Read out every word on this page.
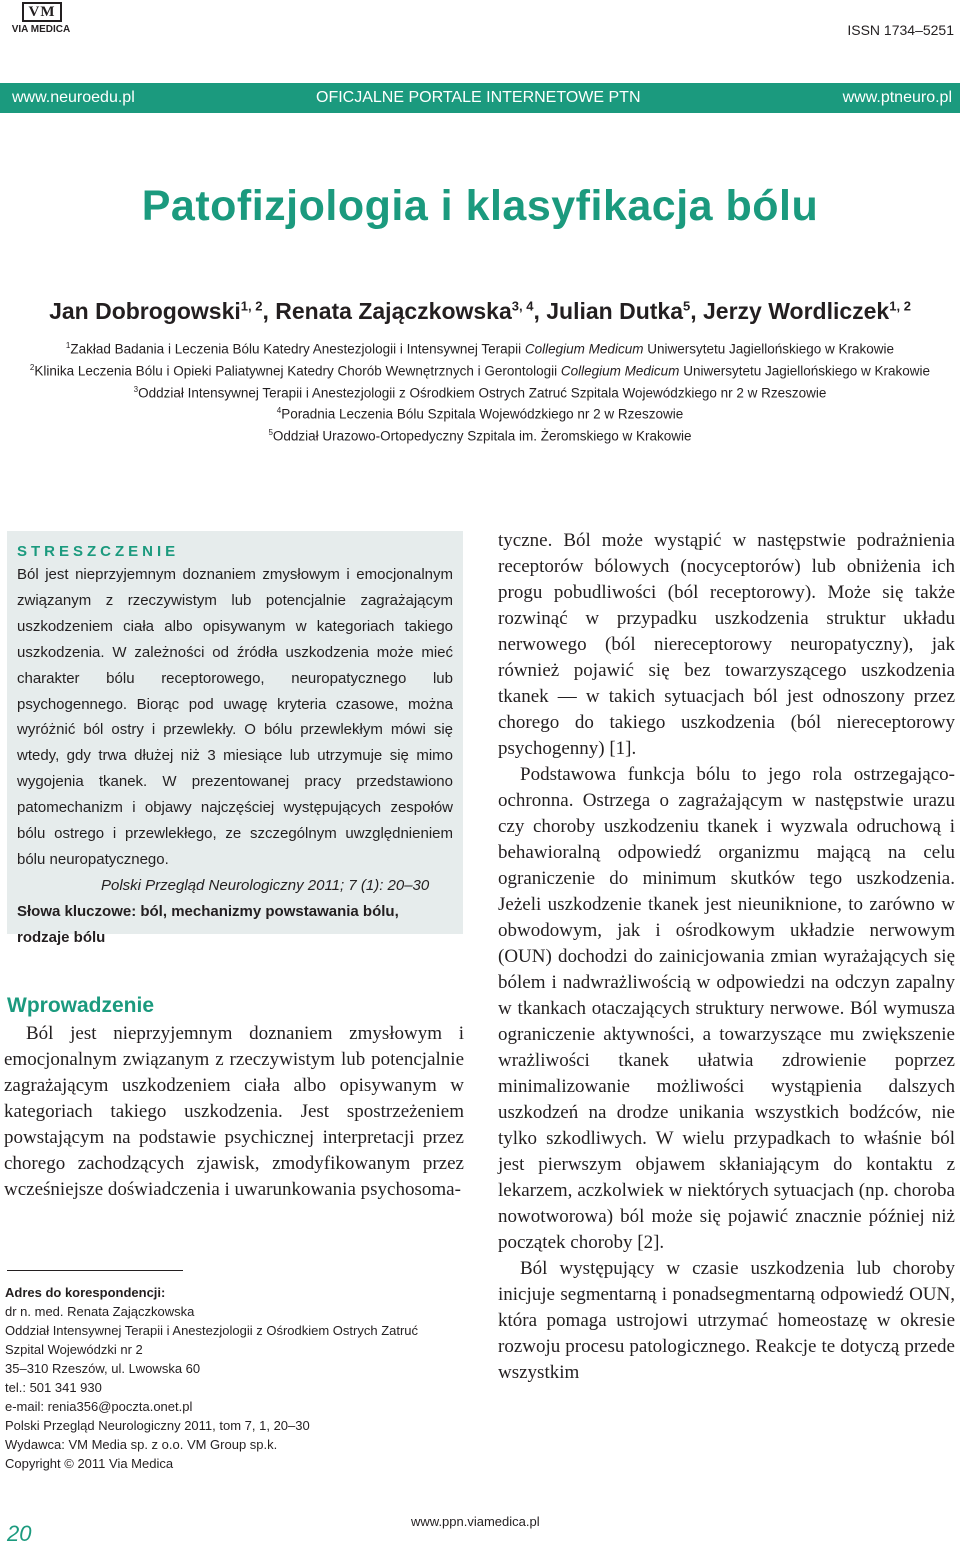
VM
VIA MEDICA	ISSN 1734–5251
www.neuroedu.pl	OFICJALNE PORTALE INTERNETOWE PTN	www.ptneuro.pl
Patofizjologia i klasyfikacja bólu
Jan Dobrogowski$^{1, 2}$, Renata Zajączkowska$^{3, 4}$, Julian Dutka$^5$, Jerzy Wordliczek$^{1, 2}$
$^1$Zakład Badania i Leczenia Bólu Katedry Anestezjologii i Intensywnej Terapii Collegium Medicum Uniwersytetu Jagiellońskiego w Krakowie
$^2$Klinika Leczenia Bólu i Opieki Paliatywnej Katedry Chorób Wewnętrznych i Gerontologii Collegium Medicum Uniwersytetu Jagiellońskiego w Krakowie
$^3$Oddział Intensywnej Terapii i Anestezjologii z Ośrodkiem Ostrych Zatruć Szpitala Wojewódzkiego nr 2 w Rzeszowie
$^4$Poradnia Leczenia Bólu Szpitala Wojewódzkiego nr 2 w Rzeszowie
$^5$Oddział Urazowo-Ortopedyczny Szpitala im. Żeromskiego w Krakowie
STRESZCZENIE
Ból jest nieprzyjemnym doznaniem zmysłowym i emocjonalnym związanym z rzeczywistym lub potencjalnie zagrażającym uszkodzeniem ciała albo opisywanym w kategoriach takiego uszkodzenia. W zależności od źródła uszkodzenia może mieć charakter bólu receptorowego, neuropatycznego lub psychogennego. Biorąc pod uwagę kryteria czasowe, można wyróżnić ból ostry i przewlekły. O bólu przewlekłym mówi się wtedy, gdy trwa dłużej niż 3 miesiące lub utrzymuje się mimo wygojenia tkanek. W prezentowanej pracy przedstawiono patomechanizm i objawy najczęściej występujących zespołów bólu ostrego i przewlekłego, ze szczególnym uwzględnieniem bólu neuropatycznego.
Polski Przegląd Neurologiczny 2011; 7 (1): 20–30
Słowa kluczowe: ból, mechanizmy powstawania bólu, rodzaje bólu
Wprowadzenie

Ból jest nieprzyjemnym doznaniem zmysłowym i emocjonalnym związanym z rzeczywistym lub potencjalnie zagrażającym uszkodzeniem ciała albo opisywanym w kategoriach takiego uszkodzenia. Jest spostrzeżeniem powstającym na podstawie psychicznej interpretacji przez chorego zachodzących zjawisk, zmodyfikowanym przez wcześniejsze doświadczenia i uwarunkowania psychosoma-

Adres do korespondencji:
dr n. med. Renata Zajączkowska
Oddział Intensywnej Terapii i Anestezjologii z Ośrodkiem Ostrych Zatruć
Szpital Wojewódzki nr 2
35–310 Rzeszów, ul. Lwowska 60
tel.: 501 341 930
e-mail: renia356@poczta.onet.pl
Polski Przegląd Neurologiczny 2011, tom 7, 1, 20–30
Wydawca: VM Media sp. z o.o. VM Group sp.k.
Copyright © 2011 Via Medica

tyczne. Ból może wystąpić w następstwie podrażnienia receptorów bólowych (nocyceptorów) lub obniżenia ich progu pobudliwości (ból receptorowy). Może się także rozwinąć w przypadku uszkodzenia struktur układu nerwowego (ból niereceptorowy neuropatyczny), jak również pojawić się bez towarzyszącego uszkodzenia tkanek — w takich sytuacjach ból jest odnoszony przez chorego do takiego uszkodzenia (ból niereceptorowy psychogenny) [1].

Podstawowa funkcja bólu to jego rola ostrzegająco-ochronna. Ostrzega o zagrażającym w następstwie urazu czy choroby uszkodzeniu tkanek i wyzwala odruchową i behawioralną odpowiedź organizmu mającą na celu ograniczenie do minimum skutków tego uszkodzenia. Jeżeli uszkodzenie tkanek jest nieuniknione, to zarówno w obwodowym, jak i ośrodkowym układzie nerwowym (OUN) dochodzi do zainicjowania zmian wyrażających się bólem i nadwrażliwością w odpowiedzi na odczyn zapalny w tkankach otaczających struktury nerwowe. Ból wymusza ograniczenie aktywności, a towarzyszące mu zwiększenie wrażliwości tkanek ułatwia zdrowienie poprzez minimalizowanie możliwości wystąpienia dalszych uszkodzeń na drodze unikania wszystkich bodźców, nie tylko szkodliwych. W wielu przypadkach to właśnie ból jest pierwszym objawem skłaniającym do kontaktu z lekarzem, aczkolwiek w niektórych sytuacjach (np. choroba nowotworowa) ból może się pojawić znacznie później niż początek choroby [2].

Ból występujący w czasie uszkodzenia lub choroby inicjuje segmentarną i ponadsegmentarną odpowiedź OUN, która pomaga ustrojowi utrzymać homeostazę w okresie rozwoju procesu patologicznego. Reakcje te dotyczą przede wszystkim

20	www.ppn.viamedica.pl
